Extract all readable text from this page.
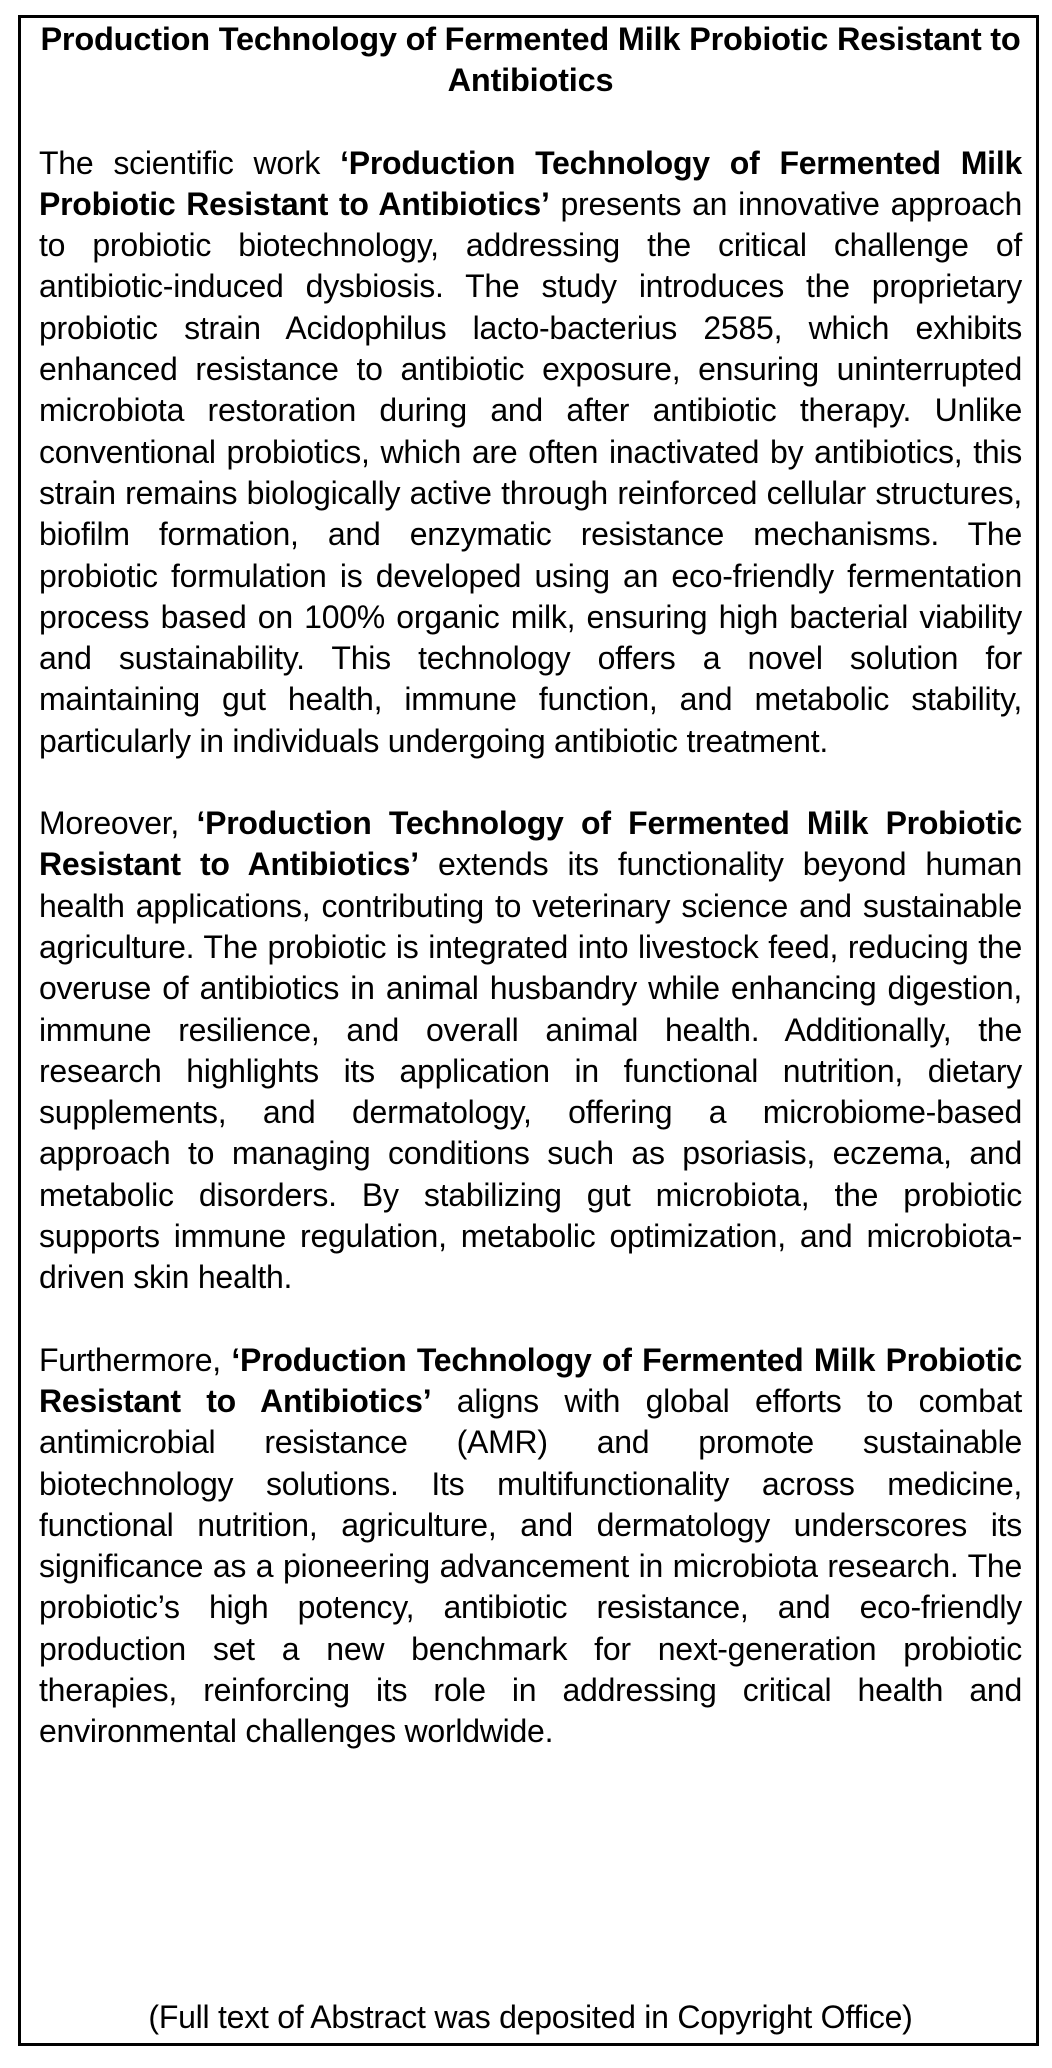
Production Technology of Fermented Milk Probiotic Resistant to Antibiotics

The scientific work ‘Production Technology of Fermented Milk Probiotic Resistant to Antibiotics’ presents an innovative approach to probiotic biotechnology, addressing the critical challenge of antibiotic-induced dysbiosis. The study introduces the proprietary probiotic strain Acidophilus lacto-bacterius 2585, which exhibits enhanced resistance to antibiotic exposure, ensuring uninterrupted microbiota restoration during and after antibiotic therapy. Unlike conventional probiotics, which are often inactivated by antibiotics, this strain remains biologically active through reinforced cellular structures, biofilm formation, and enzymatic resistance mechanisms. The probiotic formulation is developed using an eco-friendly fermentation process based on 100% organic milk, ensuring high bacterial viability and sustainability. This technology offers a novel solution for maintaining gut health, immune function, and metabolic stability, particularly in individuals undergoing antibiotic treatment.

Moreover, ‘Production Technology of Fermented Milk Probiotic Resistant to Antibiotics’ extends its functionality beyond human health applications, contributing to veterinary science and sustainable agriculture. The probiotic is integrated into livestock feed, reducing the overuse of antibiotics in animal husbandry while enhancing digestion, immune resilience, and overall animal health. Additionally, the research highlights its application in functional nutrition, dietary supplements, and dermatology, offering a microbiome-based approach to managing conditions such as psoriasis, eczema, and metabolic disorders. By stabilizing gut microbiota, the probiotic supports immune regulation, metabolic optimization, and microbiota-driven skin health.

Furthermore, ‘Production Technology of Fermented Milk Probiotic Resistant to Antibiotics’ aligns with global efforts to combat antimicrobial resistance (AMR) and promote sustainable biotechnology solutions. Its multifunctionality across medicine, functional nutrition, agriculture, and dermatology underscores its significance as a pioneering advancement in microbiota research. The probiotic’s high potency, antibiotic resistance, and eco-friendly production set a new benchmark for next-generation probiotic therapies, reinforcing its role in addressing critical health and environmental challenges worldwide.

(Full text of Abstract was deposited in Copyright Office)
